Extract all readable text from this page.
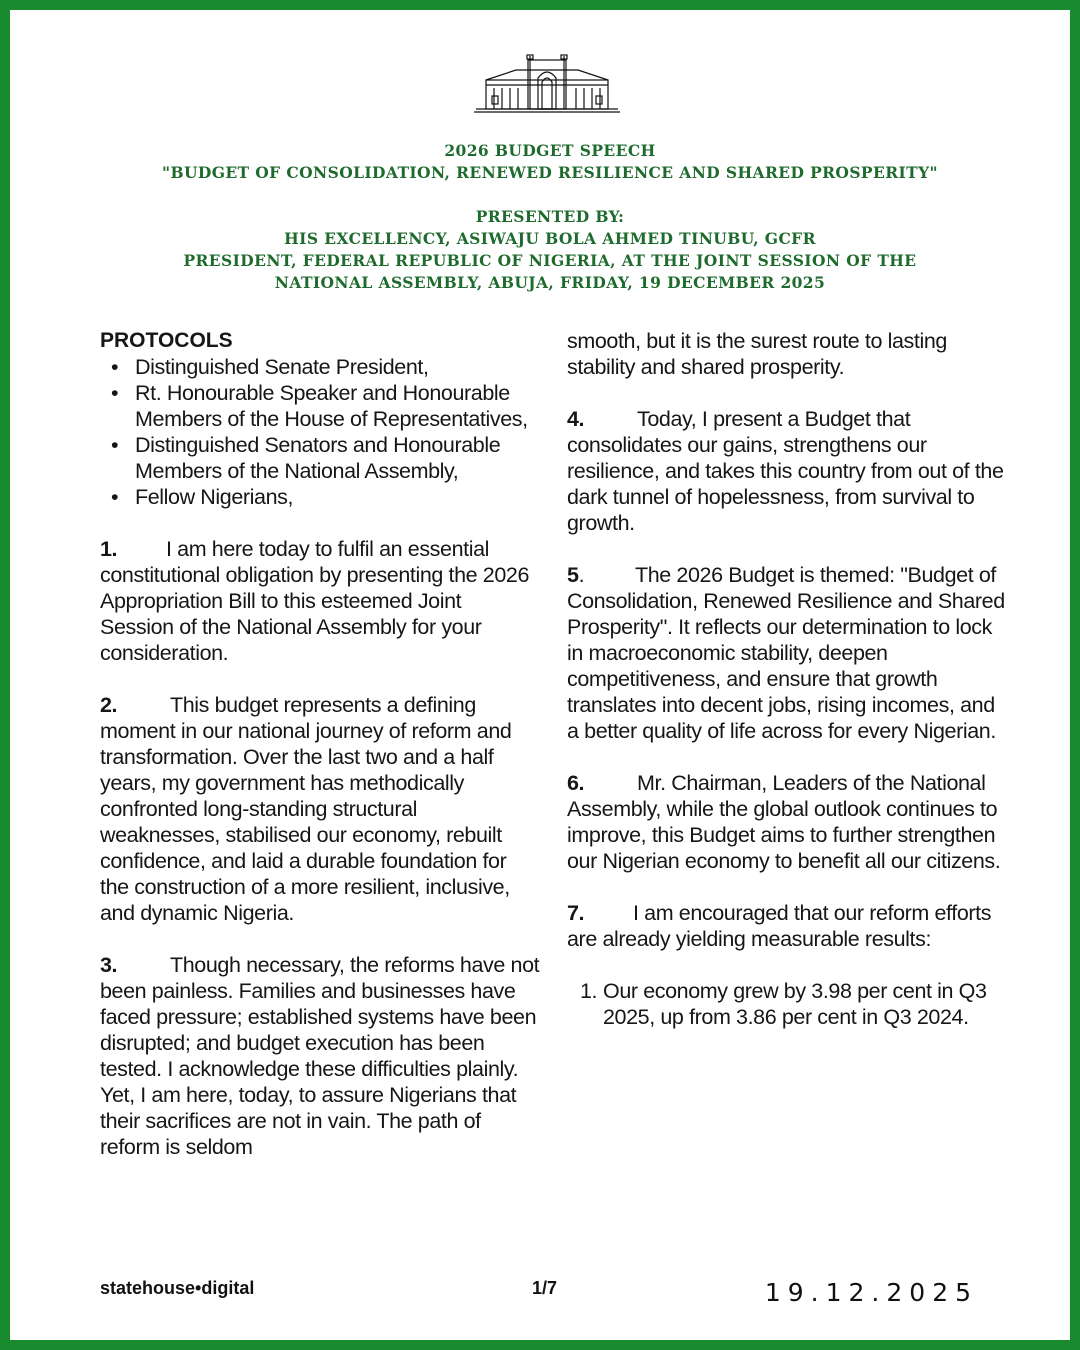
2026 BUDGET SPEECH
"BUDGET OF CONSOLIDATION, RENEWED RESILIENCE AND SHARED PROSPERITY"
PRESENTED BY:
HIS EXCELLENCY, ASIWAJU BOLA AHMED TINUBU, GCFR
PRESIDENT, FEDERAL REPUBLIC OF NIGERIA, AT THE JOINT SESSION OF THE
NATIONAL ASSEMBLY, ABUJA, FRIDAY, 19 DECEMBER 2025
PROTOCOLS
• Distinguished Senate President,
• Rt. Honourable Speaker and Honourable Members of the House of Representatives,
• Distinguished Senators and Honourable Members of the National Assembly,
• Fellow Nigerians,

1. I am here today to fulfil an essential constitutional obligation by presenting the 2026 Appropriation Bill to this esteemed Joint Session of the National Assembly for your consideration.

2. This budget represents a defining moment in our national journey of reform and transformation. Over the last two and a half years, my government has methodically confronted long-standing structural weaknesses, stabilised our economy, rebuilt confidence, and laid a durable foundation for the construction of a more resilient, inclusive, and dynamic Nigeria.

3. Though necessary, the reforms have not been painless. Families and businesses have faced pressure; established systems have been disrupted; and budget execution has been tested. I acknowledge these difficulties plainly. Yet, I am here, today, to assure Nigerians that their sacrifices are not in vain. The path of reform is seldom

smooth, but it is the surest route to lasting stability and shared prosperity.

4. Today, I present a Budget that consolidates our gains, strengthens our resilience, and takes this country from out of the dark tunnel of hopelessness, from survival to growth.

5. The 2026 Budget is themed: "Budget of Consolidation, Renewed Resilience and Shared Prosperity". It reflects our determination to lock in macroeconomic stability, deepen competitiveness, and ensure that growth translates into decent jobs, rising incomes, and a better quality of life across for every Nigerian.

6. Mr. Chairman, Leaders of the National Assembly, while the global outlook continues to improve, this Budget aims to further strengthen our Nigerian economy to benefit all our citizens.

7. I am encouraged that our reform efforts are already yielding measurable results:

1. Our economy grew by 3.98 per cent in Q3 2025, up from 3.86 per cent in Q3 2024.
statehouse•digital	1/7	19.12.2025
